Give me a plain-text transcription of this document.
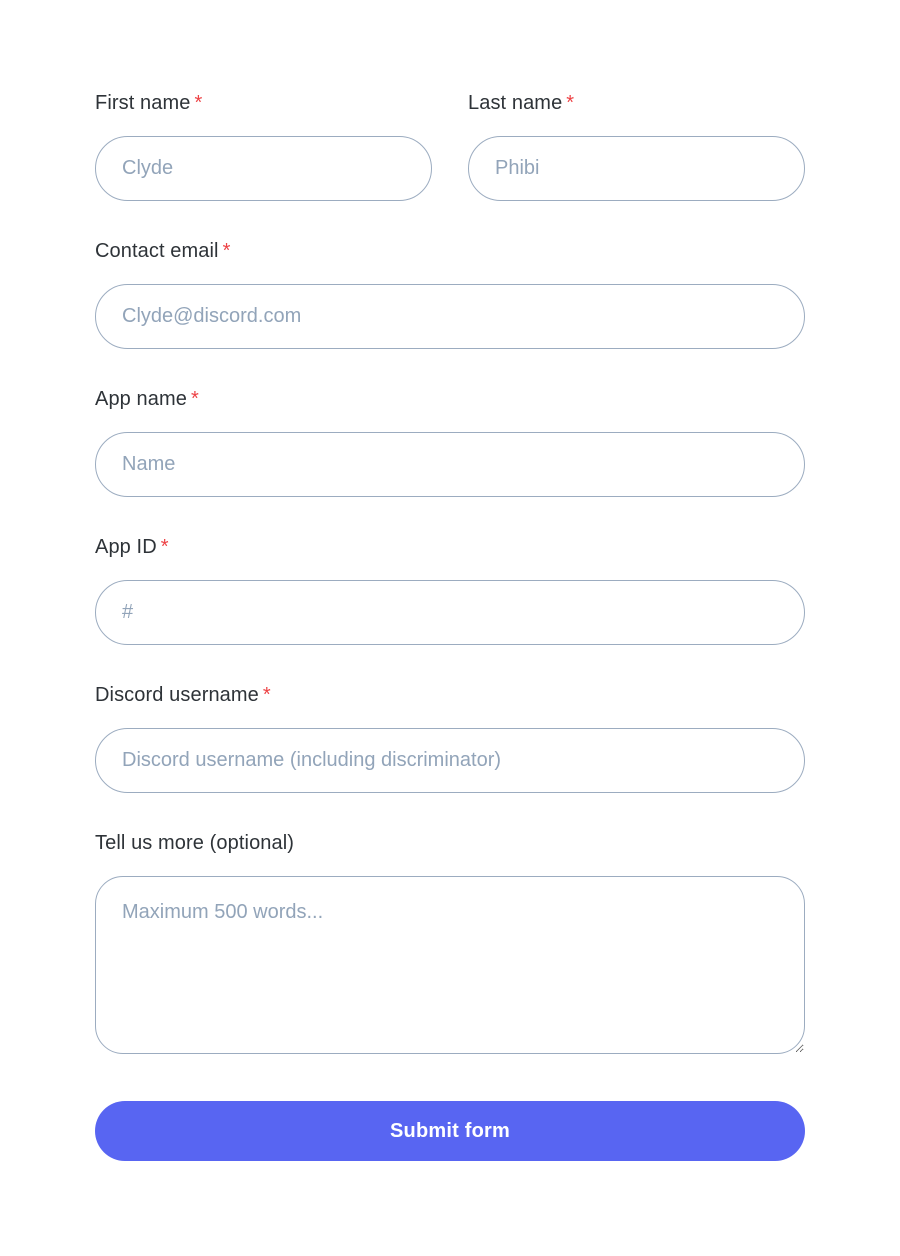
First name *
Clyde	Last name *
Phibi
Contact email *
Clyde@discord.com
App name *
Name
App ID *
#
Discord username *
Discord username (including discriminator)
Tell us more (optional)
Maximum 500 words...
Submit form
